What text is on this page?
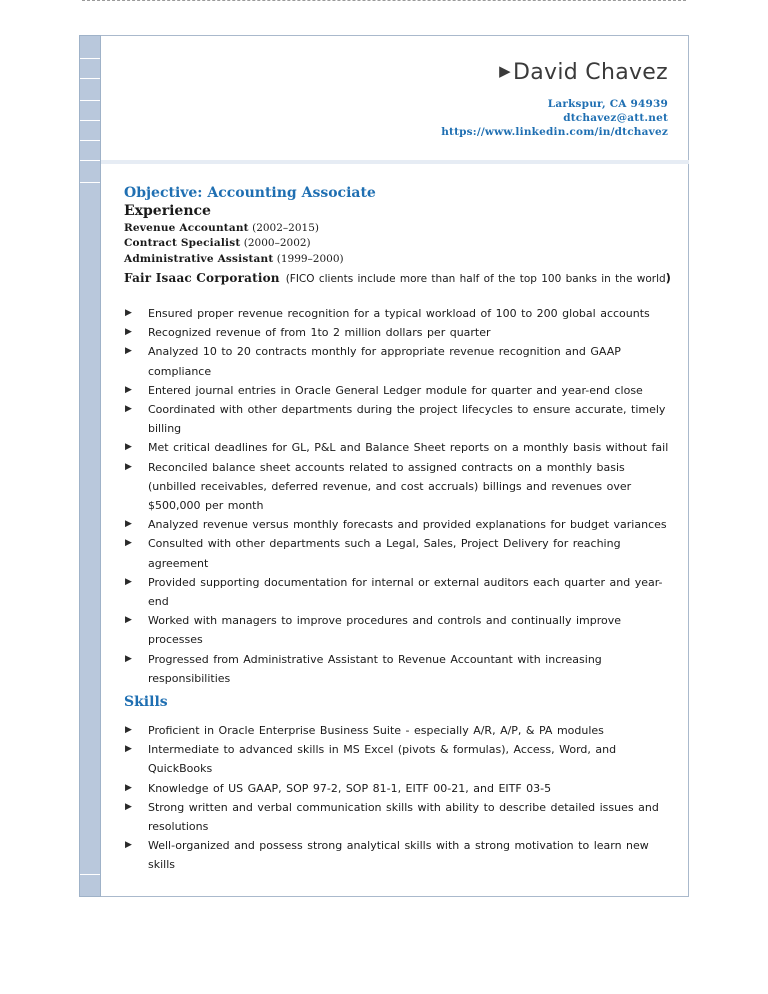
▶David Chavez
Larkspur, CA 94939
dtchavez@att.net
https://www.linkedin.com/in/dtchavez
Objective: Accounting Associate
Experience
Revenue Accountant (2002–2015)
Contract Specialist (2000–2002)
Administrative Assistant (1999–2000)
Fair Isaac Corporation (FICO clients include more than half of the top 100 banks in the world)
▶ Ensured proper revenue recognition for a typical workload of 100 to 200 global accounts
▶ Recognized revenue of from 1to 2 million dollars per quarter
▶ Analyzed 10 to 20 contracts monthly for appropriate revenue recognition and GAAP compliance
▶ Entered journal entries in Oracle General Ledger module for quarter and year-end close
▶ Coordinated with other departments during the project lifecycles to ensure accurate, timely billing
▶ Met critical deadlines for GL, P&L and Balance Sheet reports on a monthly basis without fail
▶ Reconciled balance sheet accounts related to assigned contracts on a monthly basis (unbilled receivables, deferred revenue, and cost accruals) billings and revenues over $500,000 per month
▶ Analyzed revenue versus monthly forecasts and provided explanations for budget variances
▶ Consulted with other departments such a Legal, Sales, Project Delivery for reaching agreement
▶ Provided supporting documentation for internal or external auditors each quarter and year-end
▶ Worked with managers to improve procedures and controls and continually improve processes
▶ Progressed from Administrative Assistant to Revenue Accountant with increasing responsibilities
Skills
▶ Proficient in Oracle Enterprise Business Suite - especially A/R, A/P, & PA modules
▶ Intermediate to advanced skills in MS Excel (pivots & formulas), Access, Word, and QuickBooks
▶ Knowledge of US GAAP, SOP 97-2, SOP 81-1, EITF 00-21, and EITF 03-5
▶ Strong written and verbal communication skills with ability to describe detailed issues and resolutions
▶ Well-organized and possess strong analytical skills with a strong motivation to learn new skills
